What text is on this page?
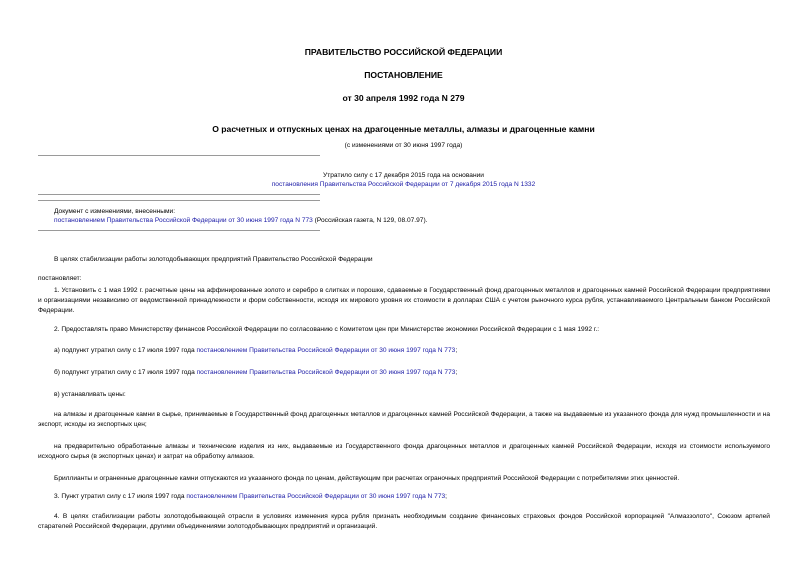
ПРАВИТЕЛЬСТВО РОССИЙСКОЙ ФЕДЕРАЦИИ
ПОСТАНОВЛЕНИЕ
от 30 апреля 1992 года N 279
О расчетных и отпускных ценах на драгоценные металлы, алмазы и драгоценные камни
(с изменениями от 30 июня 1997 года)
Утратило силу с 17 декабря 2015 года на основании
постановления Правительства Российской Федерации от 7 декабря 2015 года N 1332
Документ с изменениями, внесенными:
постановлением Правительства Российской Федерации от 30 июня 1997 года N 773 (Российская газета, N 129, 08.07.97).
В целях стабилизации работы золотодобывающих предприятий Правительство Российской Федерации
постановляет:
1. Установить с 1 мая 1992 г. расчетные цены на аффинированные золото и серебро в слитках и порошке, сдаваемые в Государственный фонд драгоценных металлов и драгоценных камней Российской Федерации предприятиями и организациями независимо от ведомственной принадлежности и форм собственности, исходя их мирового уровня их стоимости в долларах США с учетом рыночного курса рубля, устанавливаемого Центральным банком Российской Федерации.
2. Предоставлять право Министерству финансов Российской Федерации по согласованию с Комитетом цен при Министерстве экономики Российской Федерации с 1 мая 1992 г.:
а) подпункт утратил силу с 17 июля 1997 года постановлением Правительства Российской Федерации от 30 июня 1997 года N 773;
б) подпункт утратил силу с 17 июля 1997 года постановлением Правительства Российской Федерации от 30 июня 1997 года N 773;
в) устанавливать цены:
на алмазы и драгоценные камни в сырье, принимаемые в Государственный фонд драгоценных металлов и драгоценных камней Российской Федерации, а также на выдаваемые из указанного фонда для нужд промышленности и на экспорт, исходы из экспортных цен;
на предварительно обработанные алмазы и технические изделия из них, выдаваемые из Государственного фонда драгоценных металлов и драгоценных камней Российской Федерации, исходя из стоимости используемого исходного сырья (в экспортных ценах) и затрат на обработку алмазов.
Бриллианты и ограненные драгоценные камни отпускаются из указанного фонда по ценам, действующим при расчетах ограночных предприятий Российской Федерации с потребителями этих ценностей.
3. Пункт утратил силу с 17 июля 1997 года постановлением Правительства Российской Федерации от 30 июня 1997 года N 773;
4. В целях стабилизации работы золотодобывающей отрасли в условиях изменения курса рубля признать необходимым создание финансовых страховых фондов Российской корпорацией "Алмаззолото", Союзом артелей старателей Российской Федерации, другими объединениями золотодобывающих предприятий и организаций.
